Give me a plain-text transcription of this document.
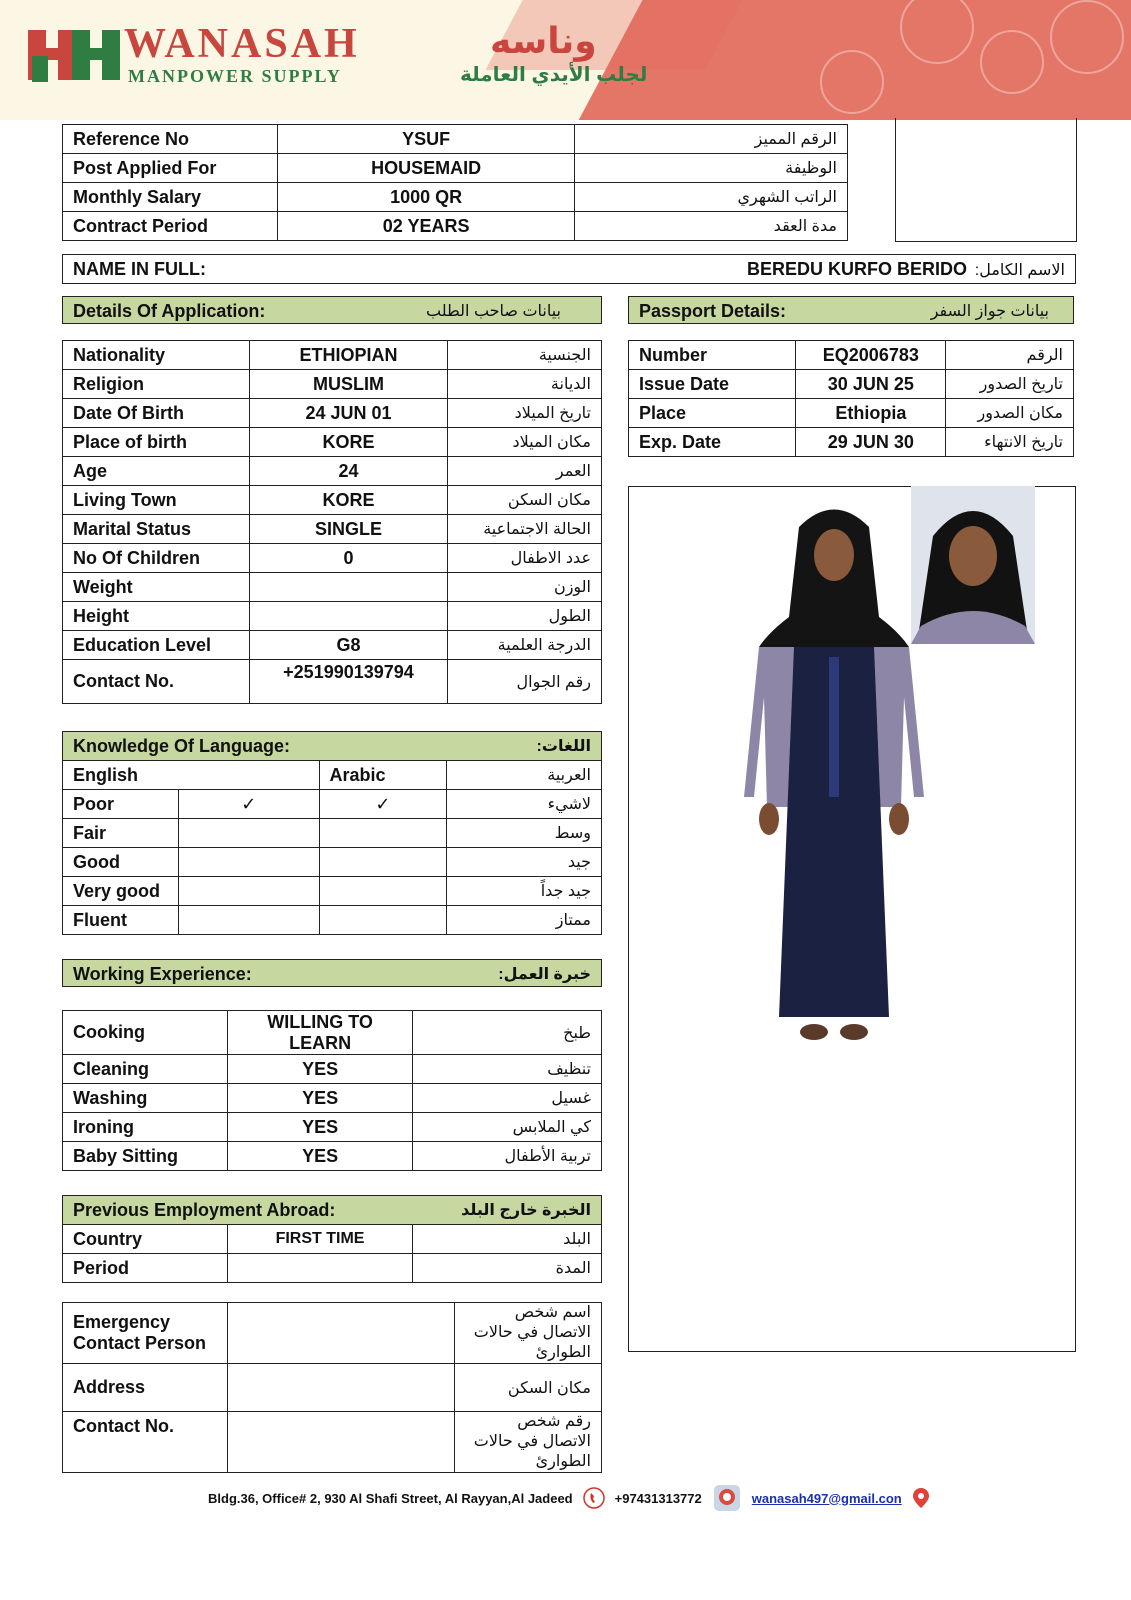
WANASAH	وناسه
MANPOWER SUPPLY	لجلب الأيدي العاملة
Reference No	YSUF	الرقم المميز
Post Applied For	HOUSEMAID	الوظيفة
Monthly Salary	1000 QR	الراتب الشهري
Contract Period	02 YEARS	مدة العقد
NAME IN FULL:	BEREDU KURFO BERIDO الاسم الكامل:
Details Of Application:	بيانات صاحب الطلب	Passport Details:	بيانات جواز السفر
Nationality	ETHIOPIAN	الجنسية
Religion	MUSLIM	الديانة
Date Of Birth	24 JUN 01	تاريخ الميلاد
Place of birth	KORE	مكان الميلاد
Age	24	العمر
Living Town	KORE	مكان السكن
Marital Status	SINGLE	الحالة الاجتماعية
No Of Children	0	عدد الاطفال
Weight		الوزن
Height		الطول
Education Level	G8	الدرجة العلمية
Contact No.	+251990139794	رقم الجوال
Number	EQ2006783	الرقم
Issue Date	30 JUN 25	تاريخ الصدور
Place	Ethiopia	مكان الصدور
Exp. Date	29 JUN 30	تاريخ الانتهاء
Knowledge Of Language:			اللغات:
English		Arabic	العربية
Poor	✓	✓	لاشيء
Fair			وسط
Good			جيد
Very good			جيد جداً
Fluent			ممتاز
Working Experience:	خبرة العمل:
Cooking	WILLING TO LEARN	طبخ
Cleaning	YES	تنظيف
Washing	YES	غسيل
Ironing	YES	كي الملابس
Baby Sitting	YES	تربية الأطفال
Previous Employment Abroad:		الخبرة خارج البلد
Country	FIRST TIME	البلد
Period		المدة
Emergency Contact Person		اسم شخص الاتصال في حالات الطوارئ
Address		مكان السكن
Contact No.		رقم شخص الاتصال في حالات الطوارئ
Bldg.36, Office# 2, 930 Al Shafi Street, Al Rayyan,Al Jadeed	+97431313772	wanasah497@gmail.con
